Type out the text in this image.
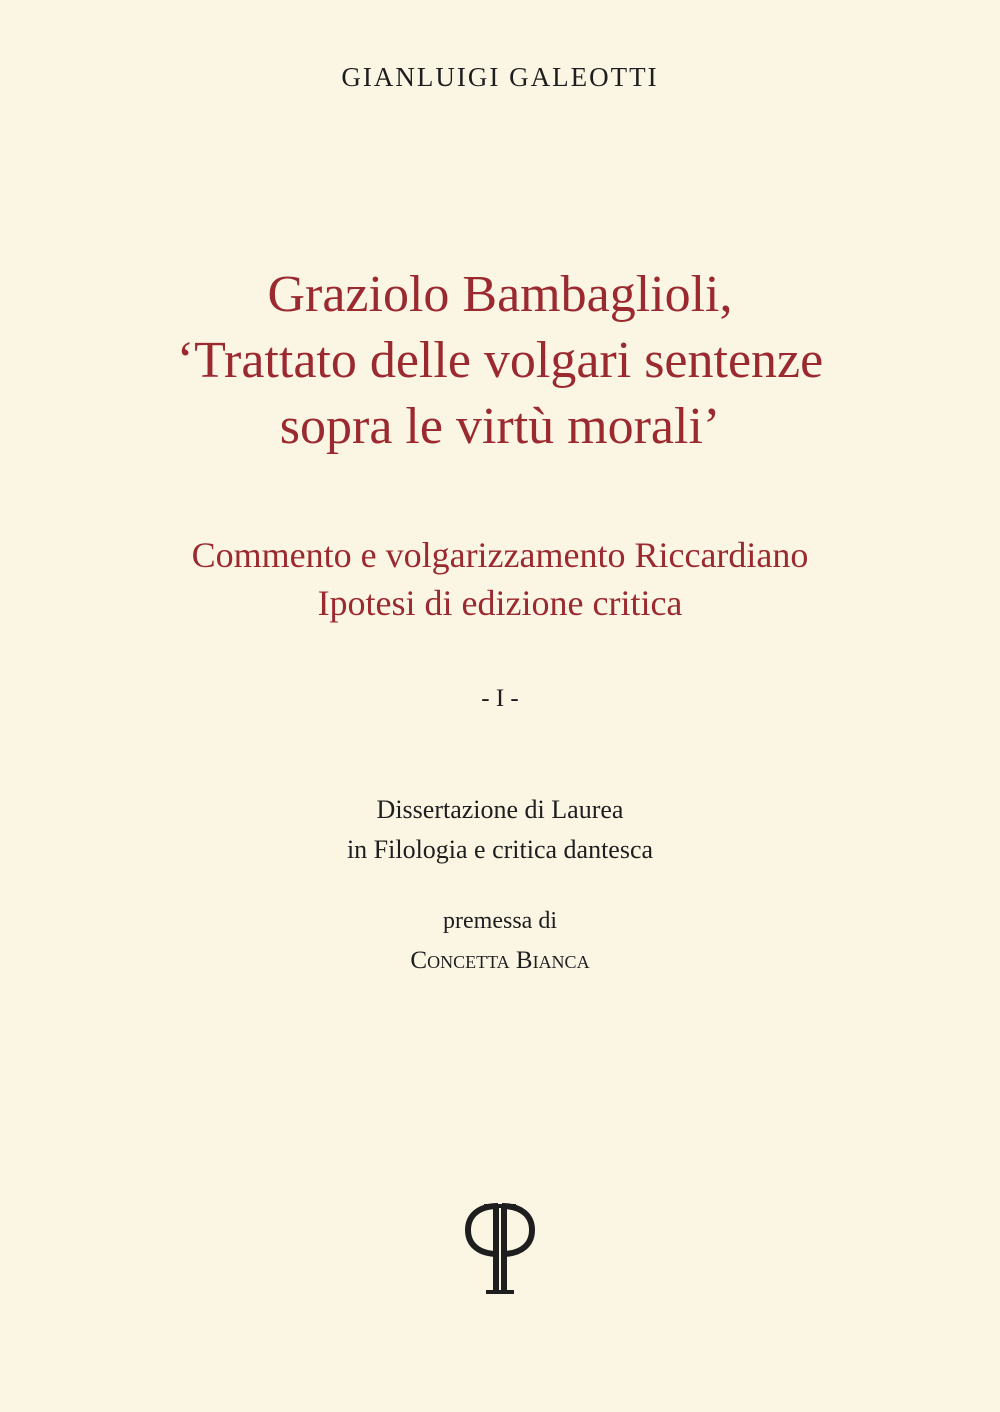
GIANLUIGI GALEOTTI
Graziolo Bambaglioli,
‘Trattato delle volgari sentenze
sopra le virtù morali’
Commento e volgarizzamento Riccardiano
Ipotesi di edizione critica
- I -
Dissertazione di Laurea
in Filologia e critica dantesca
premessa di
Concetta Bianca
